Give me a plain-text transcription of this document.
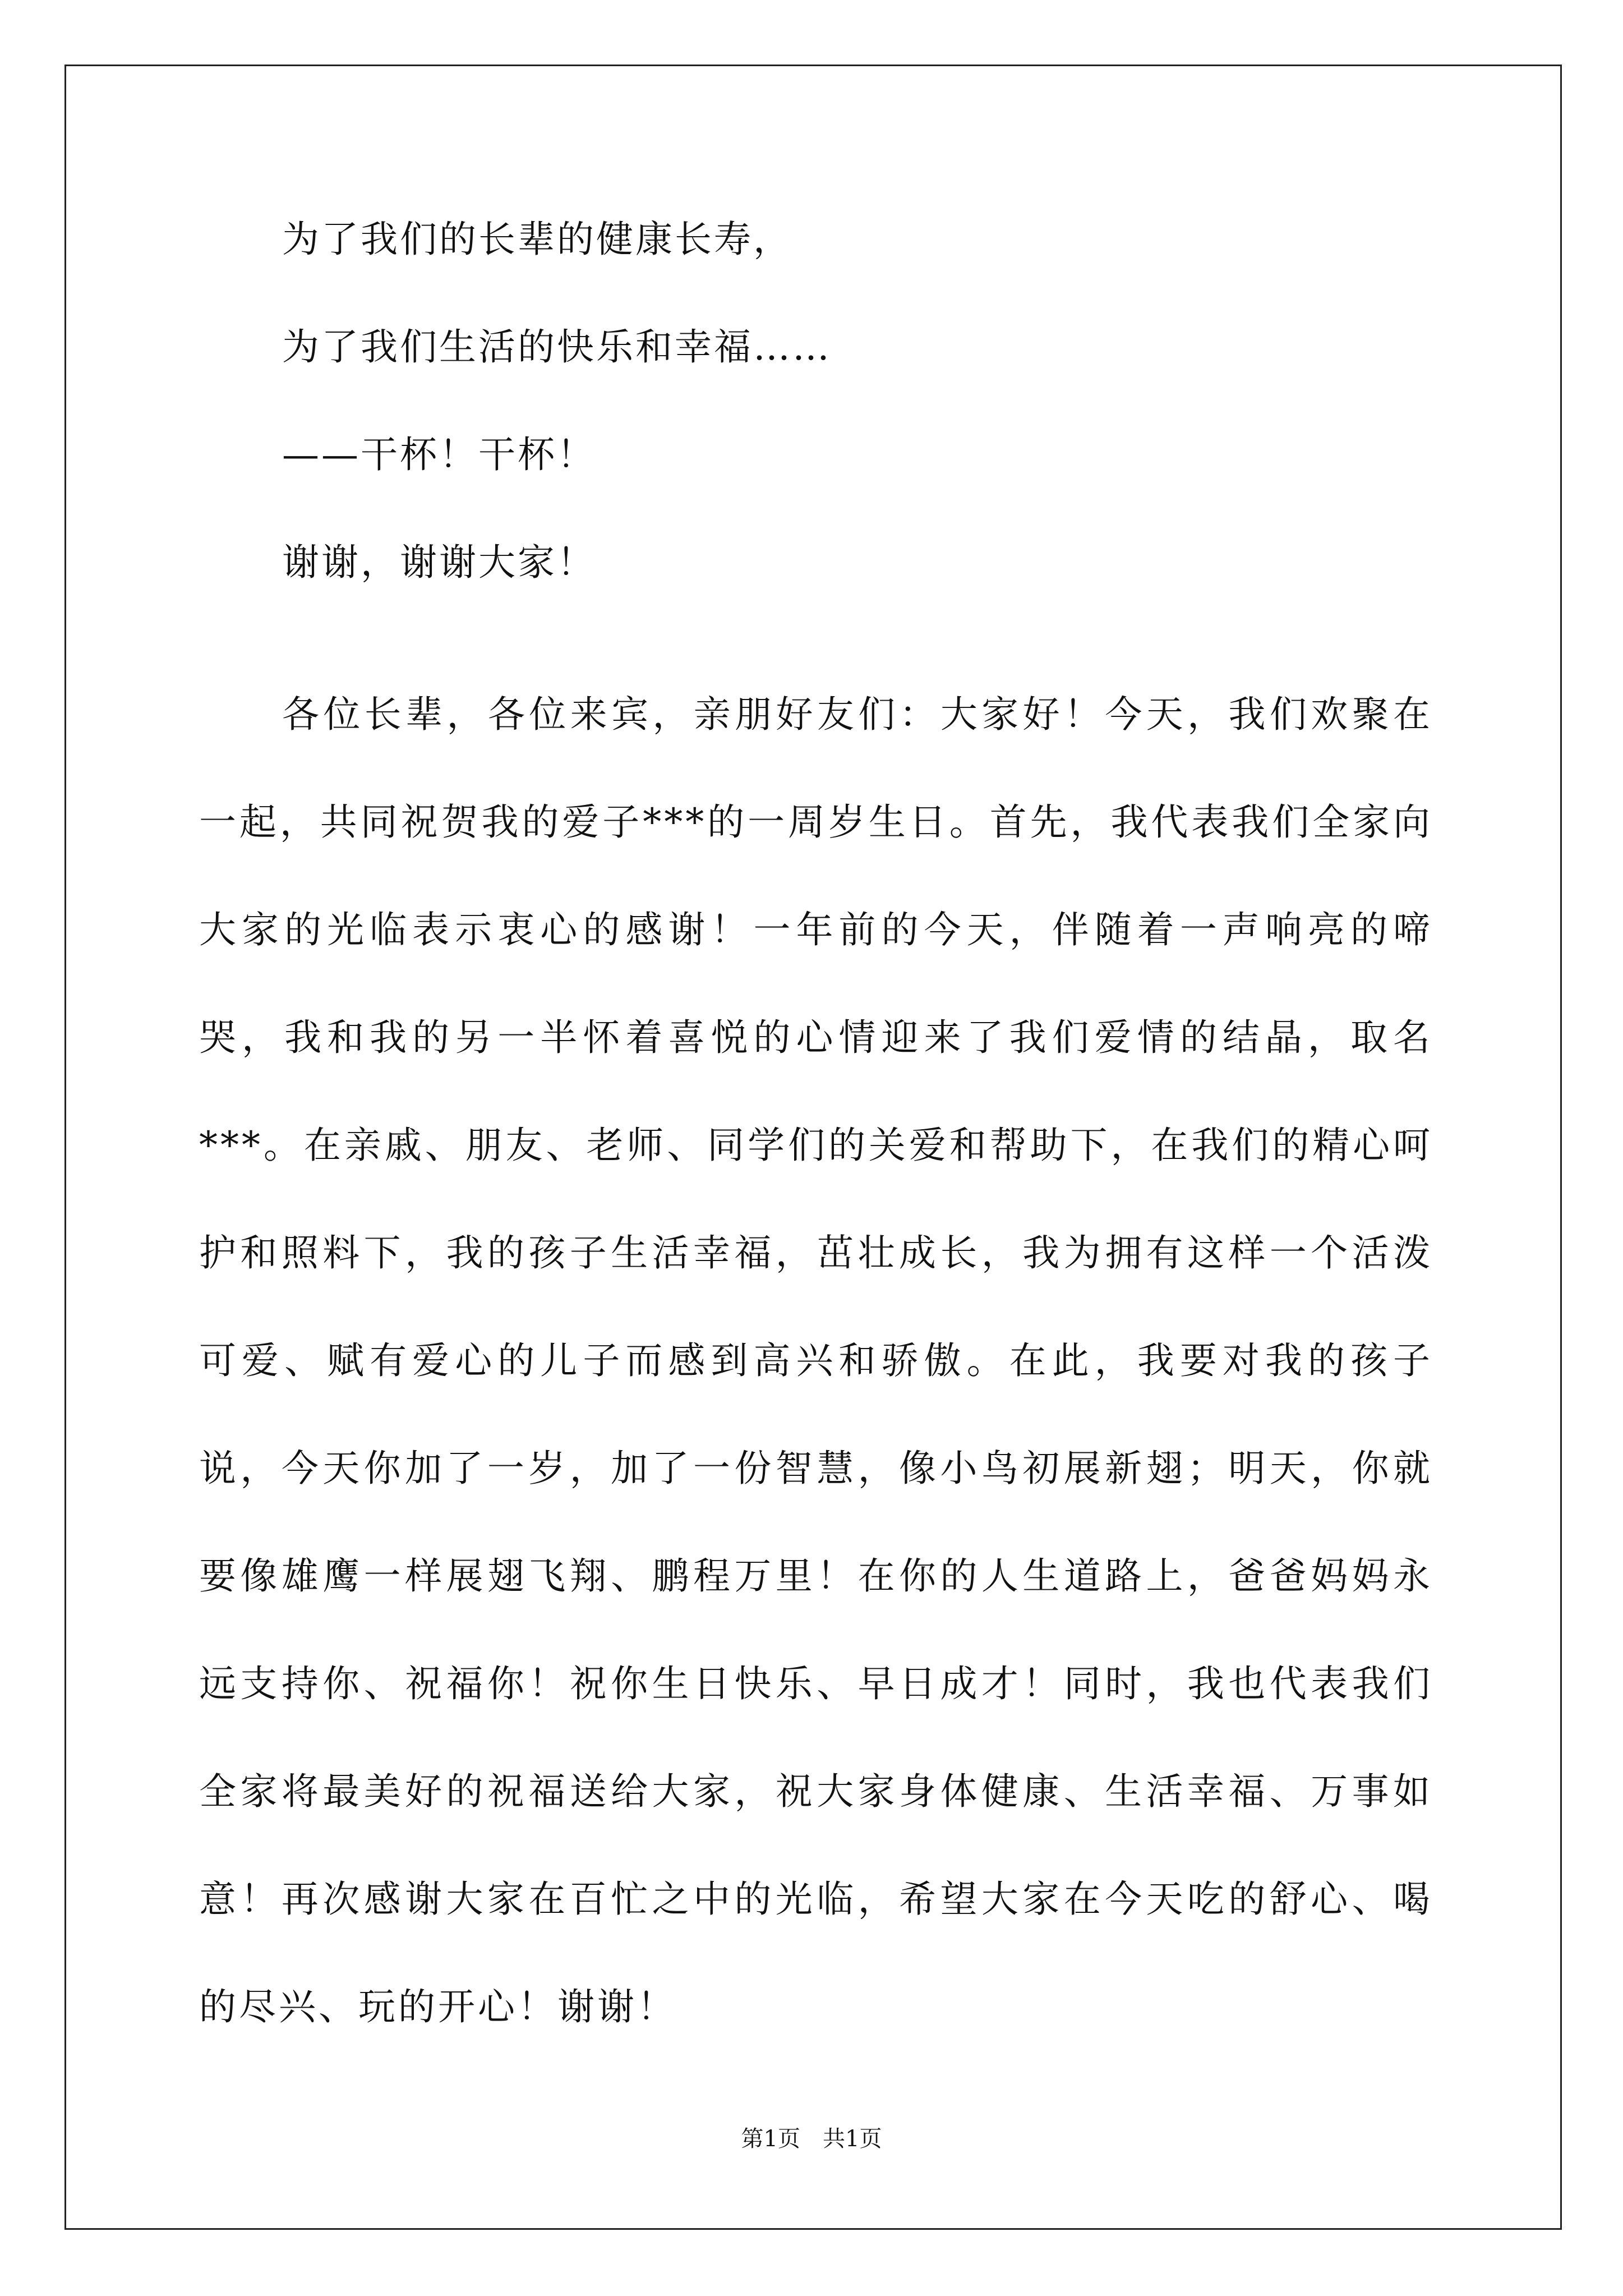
为了我们的长辈的健康长寿，
为了我们生活的快乐和幸福……
——干杯！干杯！
谢谢，谢谢大家！

各位长辈，各位来宾，亲朋好友们：大家好！今天，我们欢聚在一起，共同祝贺我的爱子***的一周岁生日。首先，我代表我们全家向大家的光临表示衷心的感谢！一年前的今天，伴随着一声响亮的啼哭，我和我的另一半怀着喜悦的心情迎来了我们爱情的结晶，取名***。在亲戚、朋友、老师、同学们的关爱和帮助下，在我们的精心呵护和照料下，我的孩子生活幸福，茁壮成长，我为拥有这样一个活泼可爱、赋有爱心的儿子而感到高兴和骄傲。在此，我要对我的孩子说，今天你加了一岁，加了一份智慧，像小鸟初展新翅；明天，你就要像雄鹰一样展翅飞翔、鹏程万里！在你的人生道路上，爸爸妈妈永远支持你、祝福你！祝你生日快乐、早日成才！同时，我也代表我们全家将最美好的祝福送给大家，祝大家身体健康、生活幸福、万事如意！再次感谢大家在百忙之中的光临，希望大家在今天吃的舒心、喝的尽兴、玩的开心！谢谢！

第1页　共1页
